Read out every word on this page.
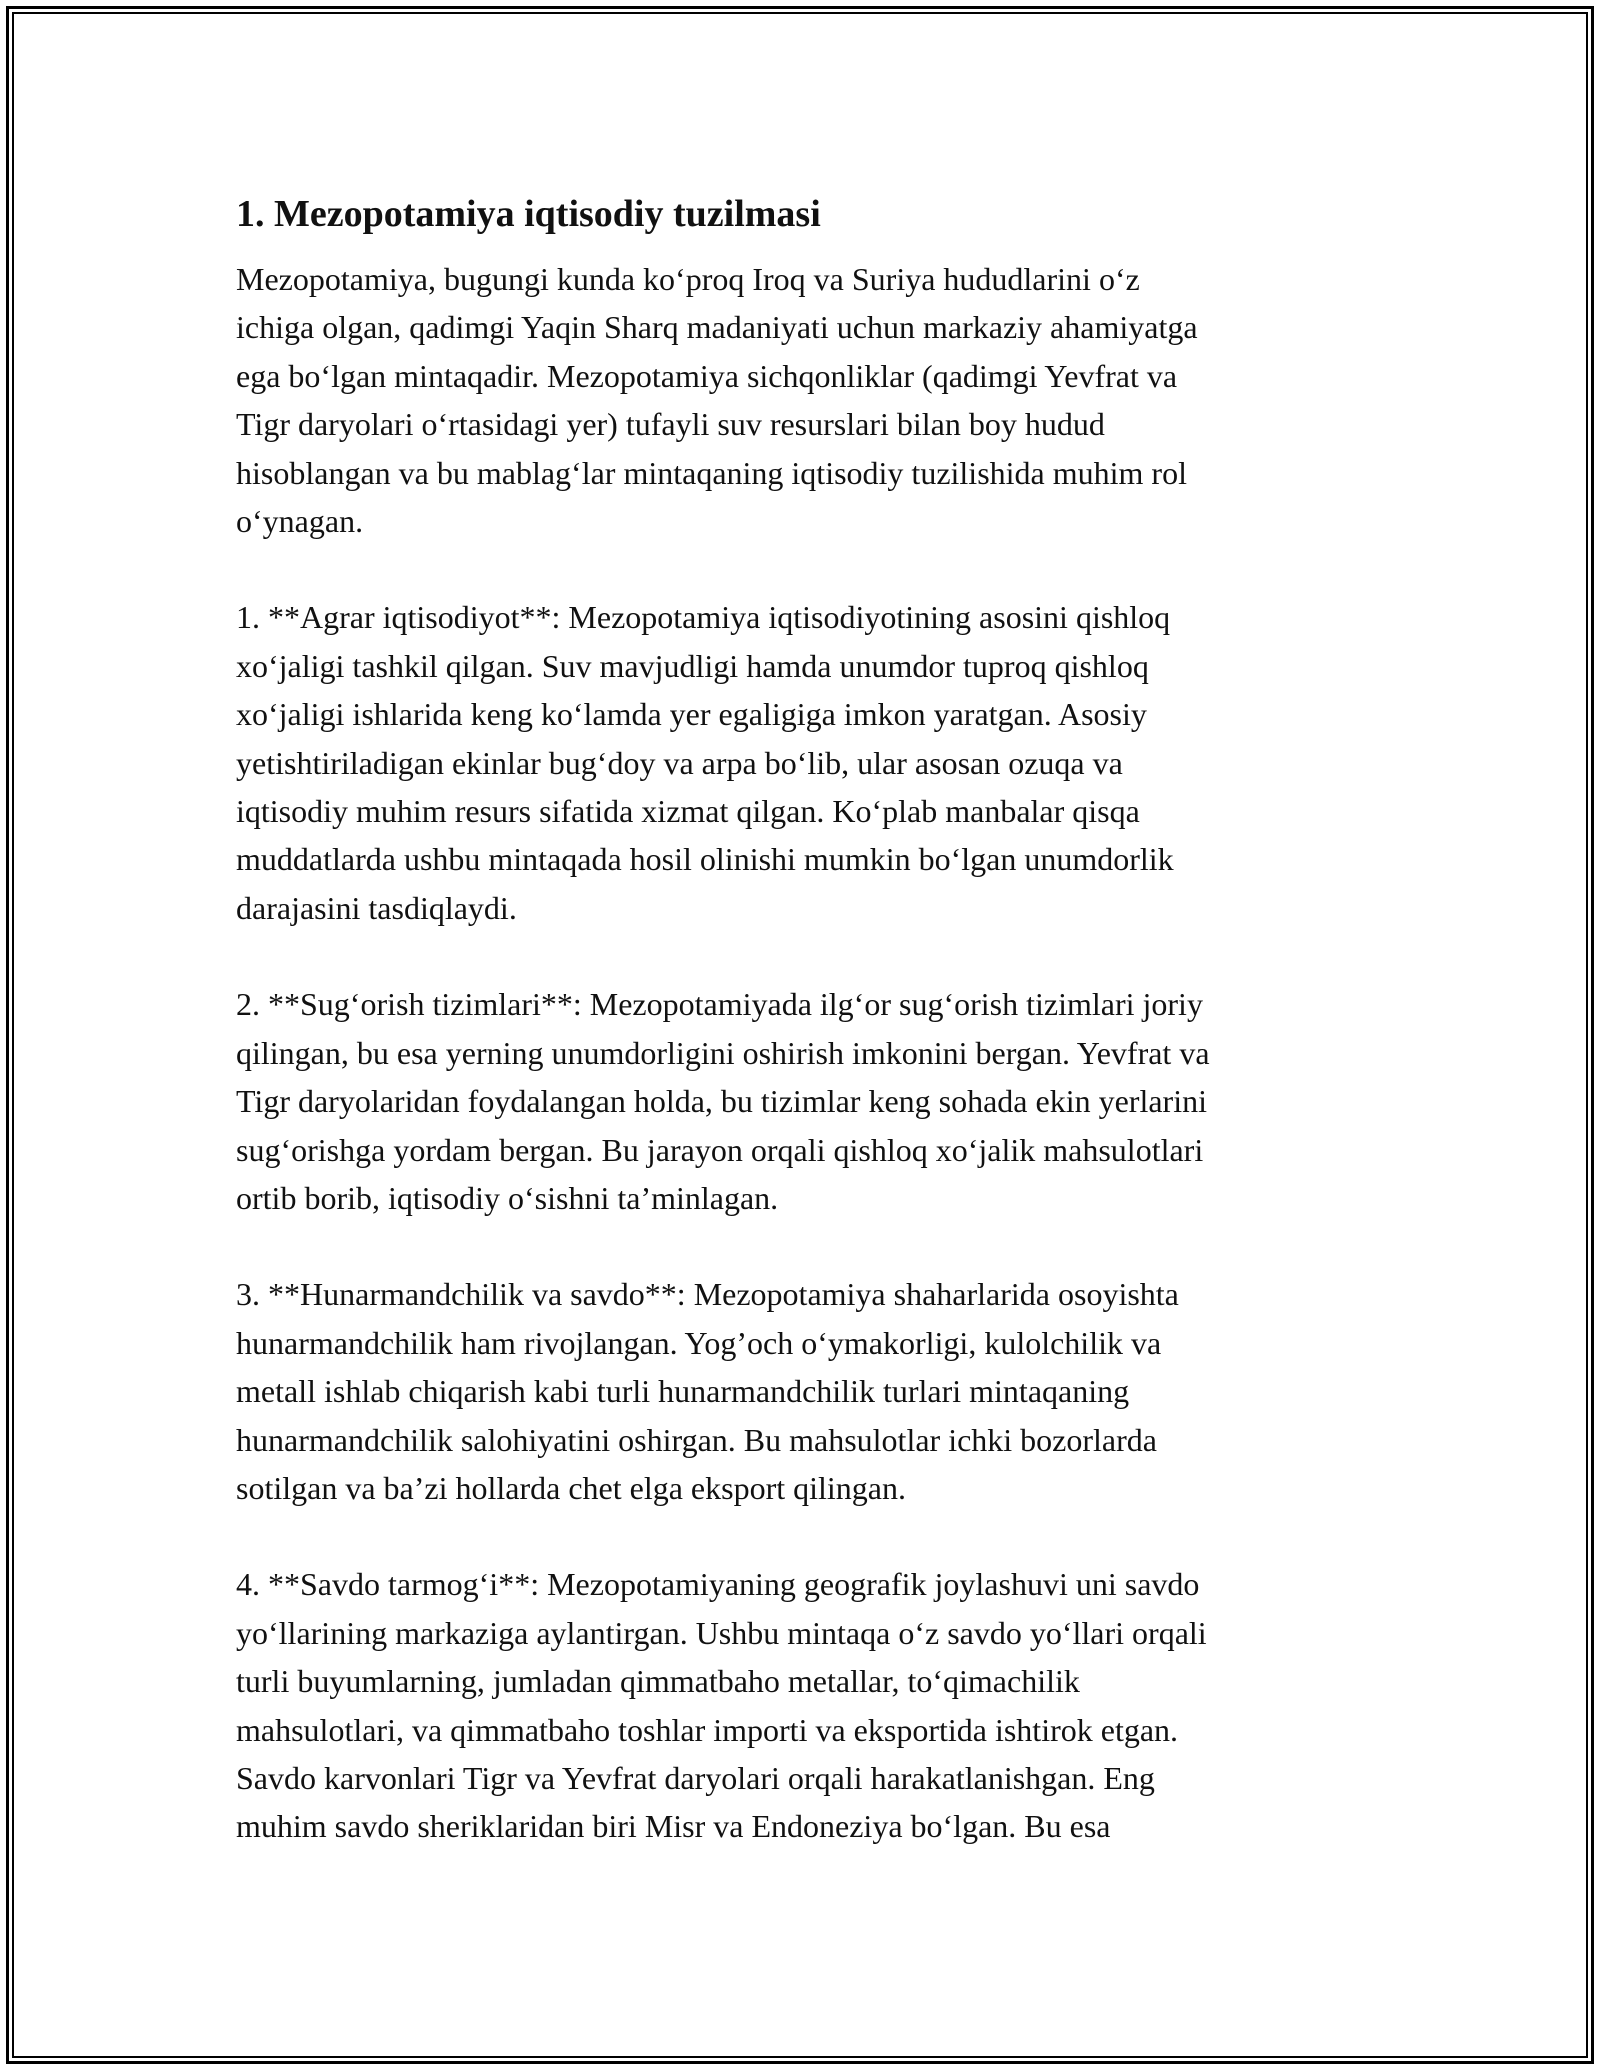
1. Mezopotamiya iqtisodiy tuzilmasi

Mezopotamiya, bugungi kunda ko‘proq Iroq va Suriya hududlarini o‘z
ichiga olgan, qadimgi Yaqin Sharq madaniyati uchun markaziy ahamiyatga
ega bo‘lgan mintaqadir. Mezopotamiya sichqonliklar (qadimgi Yevfrat va
Tigr daryolari o‘rtasidagi yer) tufayli suv resurslari bilan boy hudud
hisoblangan va bu mablag‘lar mintaqaning iqtisodiy tuzilishida muhim rol
o‘ynagan.

1. **Agrar iqtisodiyot**: Mezopotamiya iqtisodiyotining asosini qishloq
xo‘jaligi tashkil qilgan. Suv mavjudligi hamda unumdor tuproq qishloq
xo‘jaligi ishlarida keng ko‘lamda yer egaligiga imkon yaratgan. Asosiy
yetishtiriladigan ekinlar bug‘doy va arpa bo‘lib, ular asosan ozuqa va
iqtisodiy muhim resurs sifatida xizmat qilgan. Ko‘plab manbalar qisqa
muddatlarda ushbu mintaqada hosil olinishi mumkin bo‘lgan unumdorlik
darajasini tasdiqlaydi.

2. **Sug‘orish tizimlari**: Mezopotamiyada ilg‘or sug‘orish tizimlari joriy
qilingan, bu esa yerning unumdorligini oshirish imkonini bergan. Yevfrat va
Tigr daryolaridan foydalangan holda, bu tizimlar keng sohada ekin yerlarini
sug‘orishga yordam bergan. Bu jarayon orqali qishloq xo‘jalik mahsulotlari
ortib borib, iqtisodiy o‘sishni ta’minlagan.

3. **Hunarmandchilik va savdo**: Mezopotamiya shaharlarida osoyishta
hunarmandchilik ham rivojlangan. Yog’och o‘ymakorligi, kulolchilik va
metall ishlab chiqarish kabi turli hunarmandchilik turlari mintaqaning
hunarmandchilik salohiyatini oshirgan. Bu mahsulotlar ichki bozorlarda
sotilgan va ba’zi hollarda chet elga eksport qilingan.

4. **Savdo tarmog‘i**: Mezopotamiyaning geografik joylashuvi uni savdo
yo‘llarining markaziga aylantirgan. Ushbu mintaqa o‘z savdo yo‘llari orqali
turli buyumlarning, jumladan qimmatbaho metallar, to‘qimachilik
mahsulotlari, va qimmatbaho toshlar importi va eksportida ishtirok etgan.
Savdo karvonlari Tigr va Yevfrat daryolari orqali harakatlanishgan. Eng
muhim savdo sheriklaridan biri Misr va Endoneziya bo‘lgan. Bu esa
